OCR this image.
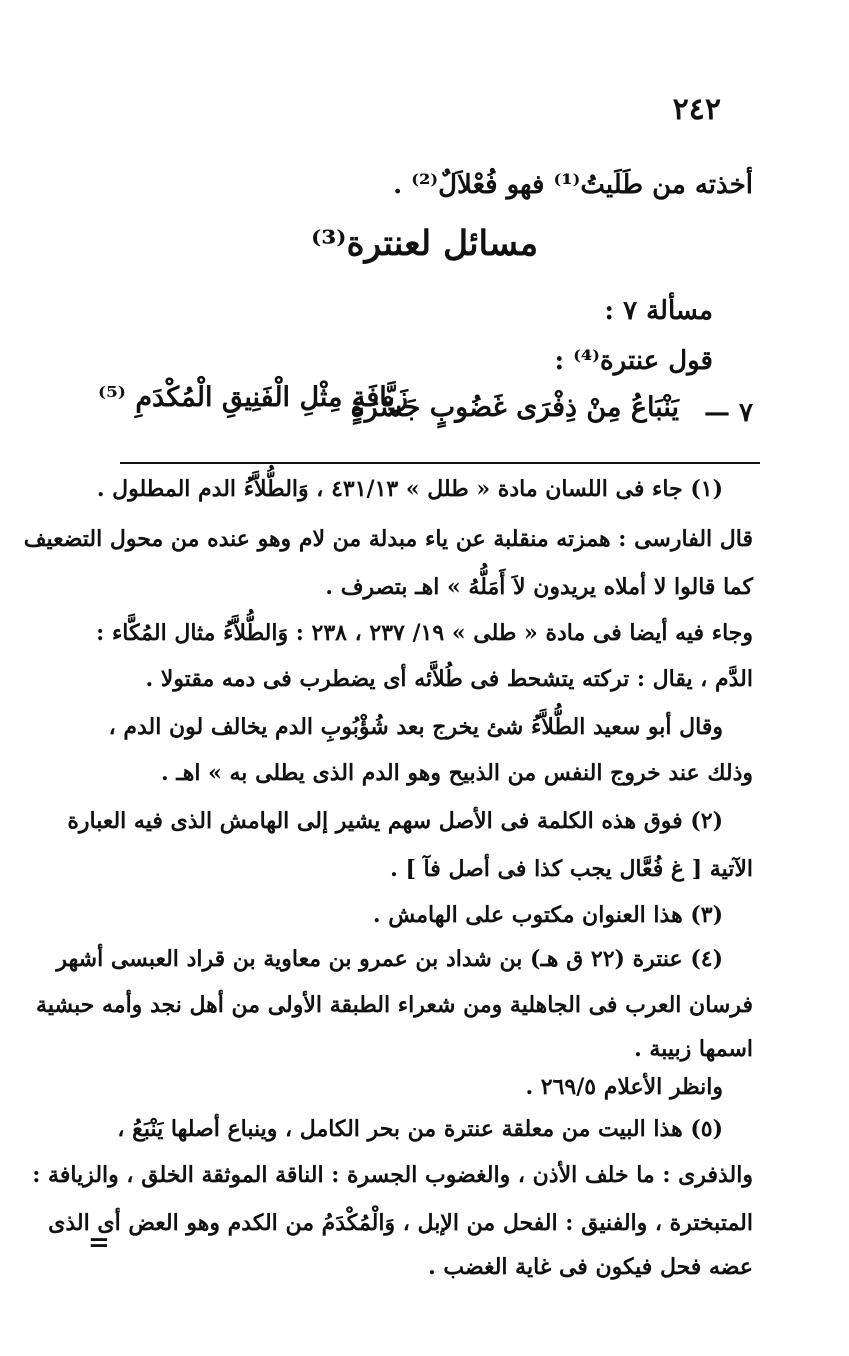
٢٤٢
أخذته من طَلَيتُ⁽¹⁾ فهو فُعْلاَلٌ⁽²⁾ .
مسائل لعنترة⁽³⁾
مسألة ٧ :
قول عنترة⁽⁴⁾ :
٧ —
يَنْبَاعُ مِنْ ذِفْرَى غَضُوبٍ جَسْرَةٍ
زَيَّافَةٍ مِثْلِ الْفَنِيقِ الْمُكْدَمِ ⁽⁵⁾
(١) جاء فى اللسان مادة « طلل » ٤٣١/١٣ ، وَالطُّلاَّءُ الدم المطلول .
قال الفارسى : همزته منقلبة عن ياء مبدلة من لام وهو عنده من محول التضعيف
كما قالوا لا أملاه يريدون لاَ أَمَلُّهُ » اهـ بتصرف .
وجاء فيه أيضا فى مادة « طلى » ١٩/ ٢٣٧ ، ٢٣٨ : وَالطُّلاَّءُ مثال المُكَّاء :
الدَّم ، يقال : تركته يتشحط فى طُلاَّئه أى يضطرب فى دمه مقتولا .
وقال أبو سعيد الطُّلاَّءُ شئ يخرج بعد شُؤْبُوبِ الدم يخالف لون الدم ،
وذلك عند خروج النفس من الذبيح وهو الدم الذى يطلى به » اهـ .
(٢) فوق هذه الكلمة فى الأصل سهم يشير إلى الهامش الذى فيه العبارة
الآتية [ غ فُعَّال يجب كذا فى أصل فآ ] .
(٣) هذا العنوان مكتوب على الهامش .
(٤) عنترة (٢٢ ق هـ) بن شداد بن عمرو بن معاوية بن قراد العبسى أشهر
فرسان العرب فى الجاهلية ومن شعراء الطبقة الأولى من أهل نجد وأمه حبشية
اسمها زبيبة .
وانظر الأعلام ٢٦٩/٥ .
(٥) هذا البيت من معلقة عنترة من بحر الكامل ، وينباع أصلها يَنْبَعُ ،
والذفرى : ما خلف الأذن ، والغضوب الجسرة : الناقة الموثقة الخلق ، والزيافة :
المتبخترة ، والفنيق : الفحل من الإبل ، وَالْمُكْدَمُ من الكدم وهو العض أى الذى
عضه فحل فيكون فى غاية الغضب .
=
